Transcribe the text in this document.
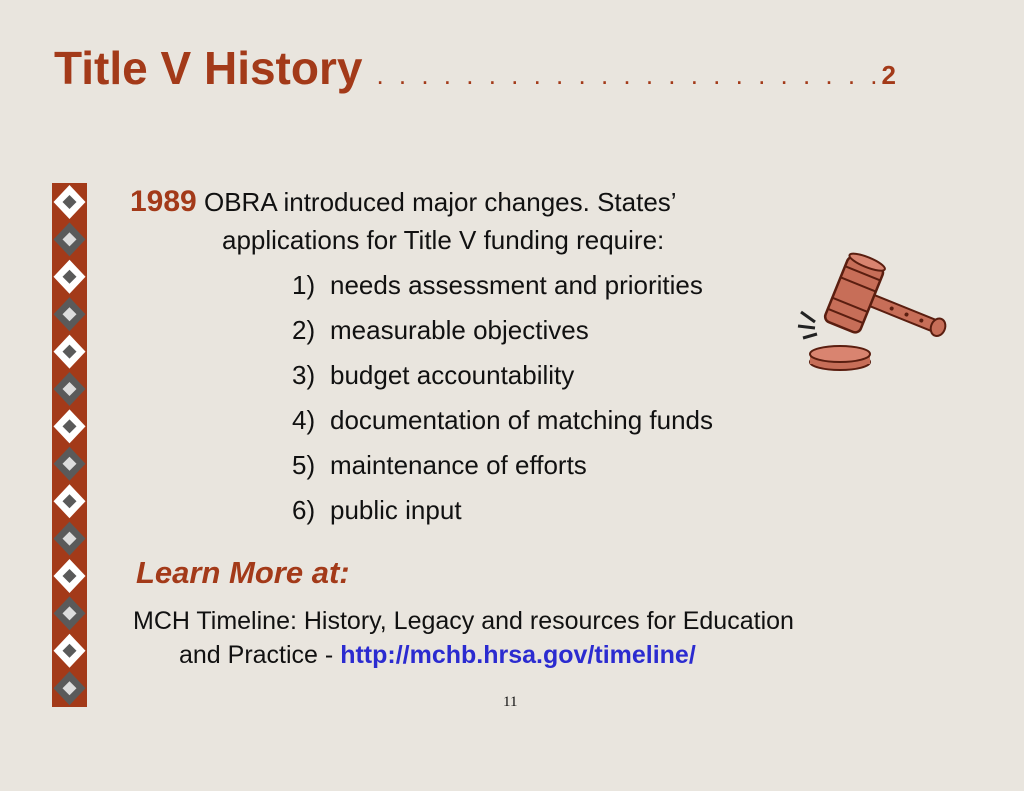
Title V History . . . . . . . . . . . . . . . . . . . . . . .2
1989 OBRA introduced major changes. States’
applications for Title V funding require:
1) needs assessment and priorities
2) measurable objectives
3) budget accountability
4) documentation of matching funds
5) maintenance of efforts
6) public input
Learn More at:
MCH Timeline: History, Legacy and resources for Education
and Practice - http://mchb.hrsa.gov/timeline/
11
